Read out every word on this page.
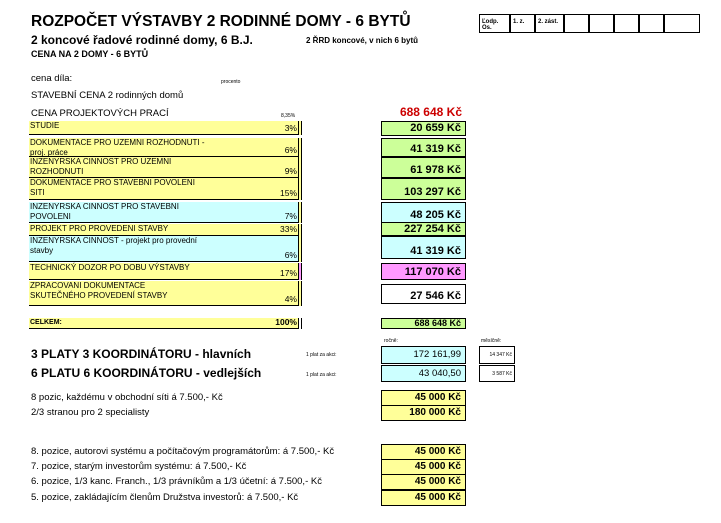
ROZPOČET VÝSTAVBY 2 RODINNÉ DOMY - 6 BYTŮ
2 koncové řadové rodinné domy, 6 B.J.	2 ŘRD koncové, v nich 6 bytů
CENA NA 2 DOMY - 6 BYTŮ
Ľodp. Os.
1. z.	2. zást.
cena díla:	procento
STAVEBNÍ CENA 2 rodinných domů
CENA PROJEKTOVÝCH PRACÍ	8,35%	688 648 Kč
STUDIE	3%	20 659 Kč
DOKUMENTACE PRO UZEMNI ROZHODNUTI -
proj. práce	6%	41 319 Kč
INZENYRSKA CINNOST PRO UZEMNI
ROZHODNUTI	9%	61 978 Kč
DOKUMENTACE PRO STAVEBNI POVOLENI
SITI	15%	103 297 Kč
INZENYRSKA CINNOST PRO STAVEBNI
POVOLENI	7%	48 205 Kč
PROJEKT PRO PROVEDENI STAVBY	33%	227 254 Kč
INZENYRSKA CINNOST - projekt pro provední
stavby	6%	41 319 Kč
TECHNICKÝ DOZOR PO DOBU VÝSTAVBY
17%	117 070 Kč
ZPRACOVANI DOKUMENTACE
SKUTEČNÉHO PROVEDENÍ STAVBY	4%	27 546 Kč
CELKEM:	100%	688 648 Kč
ročně:	měsíčně:
3 PLATY 3 KOORDINÁTORU - hlavních	1 plat za akci:	172 161,99	14 347 Kč
6 PLATU 6 KOORDINÁTORU - vedlejších	1 plat za akci:	43 040,50	3 587 Kč
8 pozic, každému v obchodní síti á 7.500,- Kč	45 000 Kč
2/3 stranou pro 2 specialisty	180 000 Kč
8. pozice, autorovi systému a počítačovým programátorům: á 7.500,- Kč	45 000 Kč
7. pozice, starým investorům systému: á 7.500,- Kč	45 000 Kč
6. pozice, 1/3 kanc. Franch., 1/3 právníkům a 1/3 účetní: á 7.500,- Kč	45 000 Kč
5. pozice, zakládajícím členům Družstva investorů: á 7.500,- Kč	45 000 Kč
